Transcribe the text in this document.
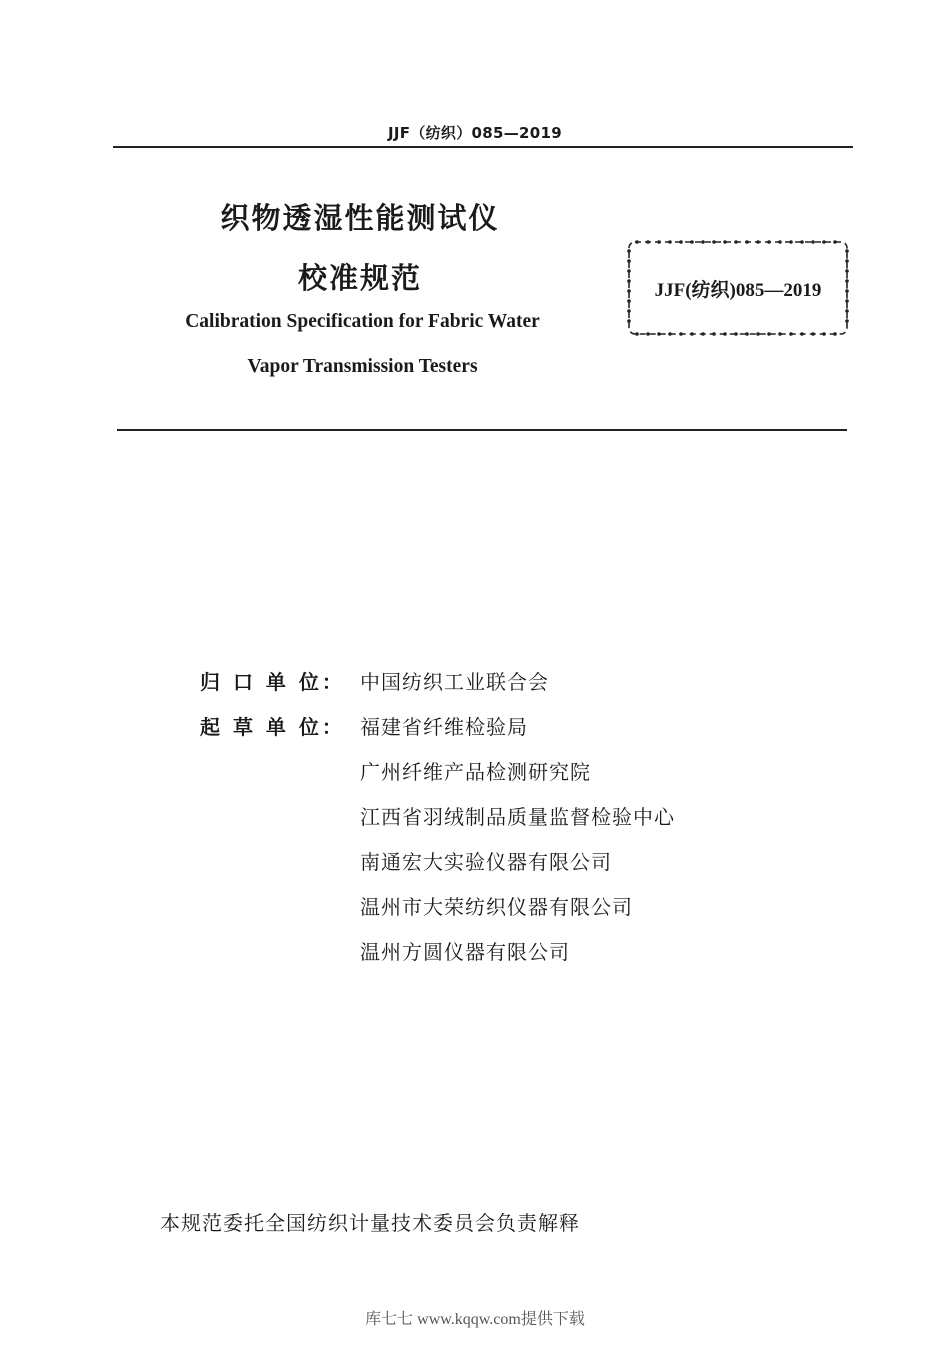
JJF（纺织）085—2019
织物透湿性能测试仪
校准规范
Calibration Specification for Fabric Water
Vapor Transmission Testers
JJF(纺织)085—2019
归 口 单 位： 中国纺织工业联合会
起 草 单 位： 福建省纤维检验局
广州纤维产品检测研究院
江西省羽绒制品质量监督检验中心
南通宏大实验仪器有限公司
温州市大荣纺织仪器有限公司
温州方圆仪器有限公司
本规范委托全国纺织计量技术委员会负责解释
库七七 www.kqqw.com提供下载
